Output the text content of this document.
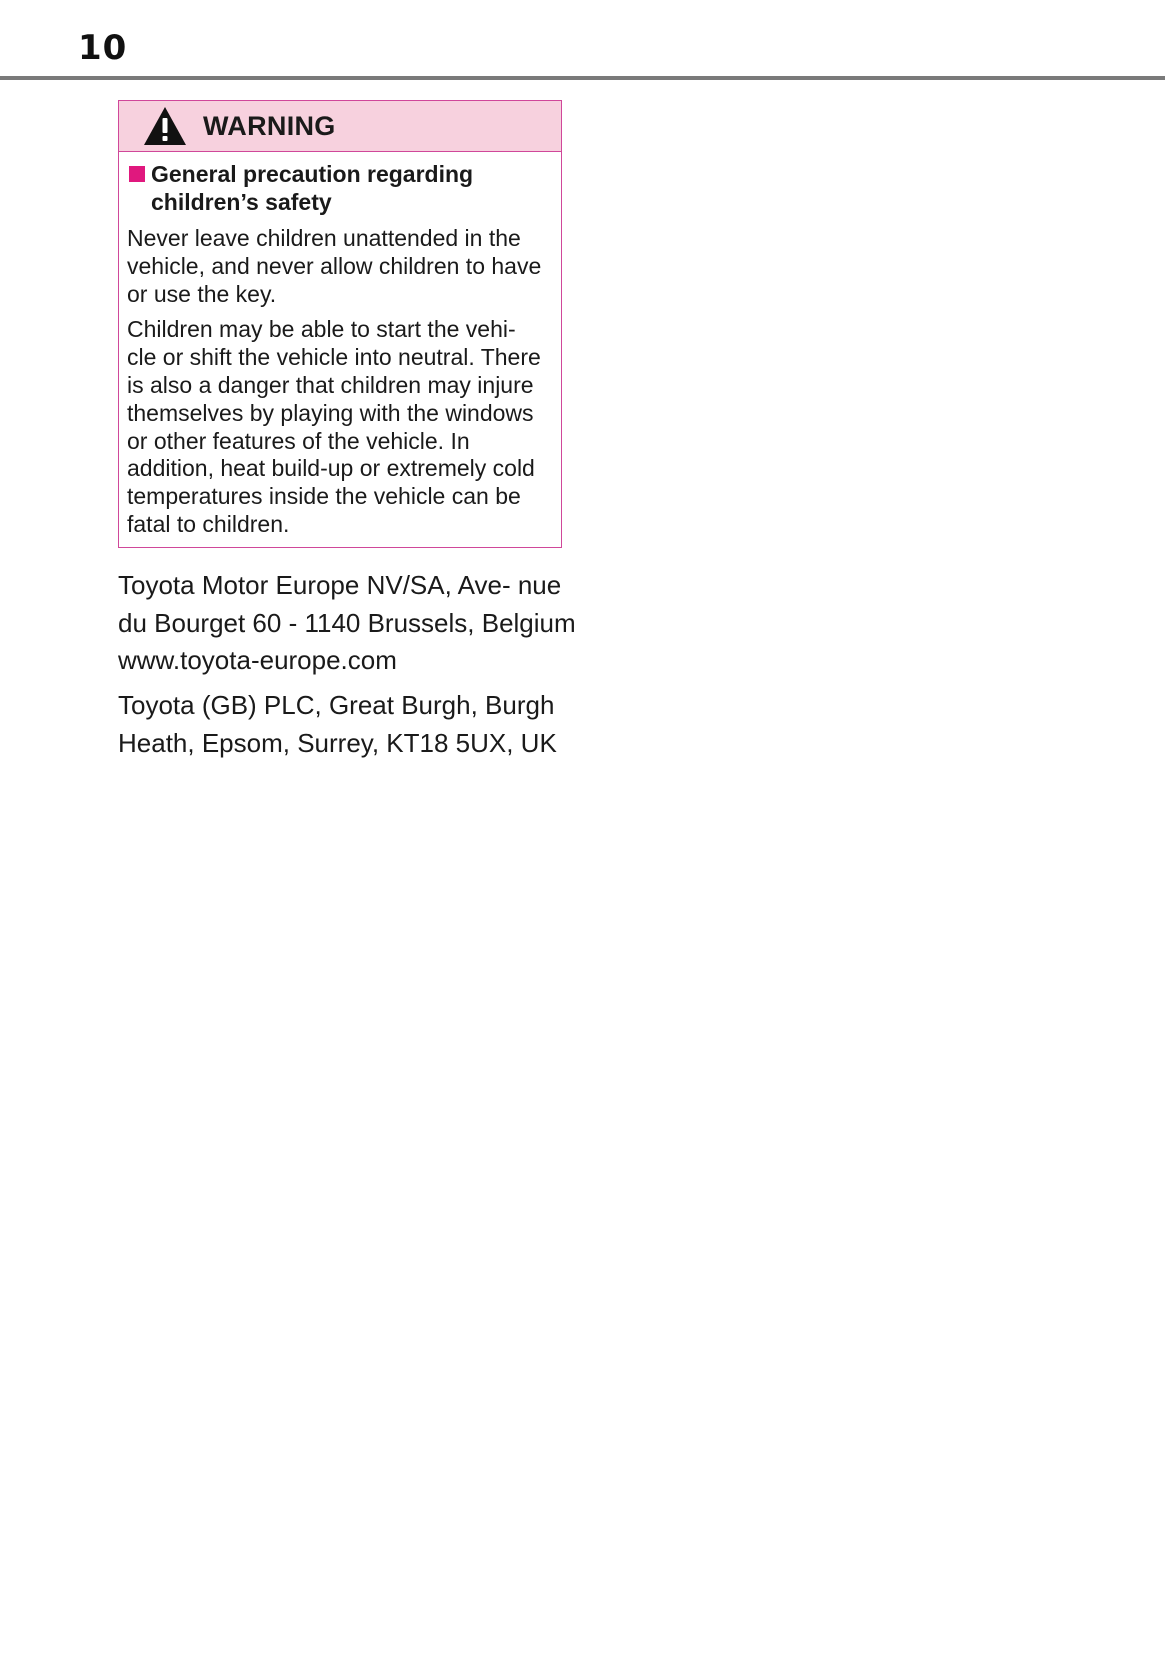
10
WARNING
General precaution regarding children’s safety

Never leave children unattended in the vehicle, and never allow children to have or use the key.

Children may be able to start the vehi- cle or shift the vehicle into neutral. There is also a danger that children may injure themselves by playing with the windows or other features of the vehicle. In addition, heat build-up or extremely cold temperatures inside the vehicle can be fatal to children.

Toyota Motor Europe NV/SA, Ave- nue du Bourget 60 - 1140 Brussels, Belgium www.toyota-europe.com

Toyota (GB) PLC, Great Burgh, Burgh Heath, Epsom, Surrey, KT18 5UX, UK
